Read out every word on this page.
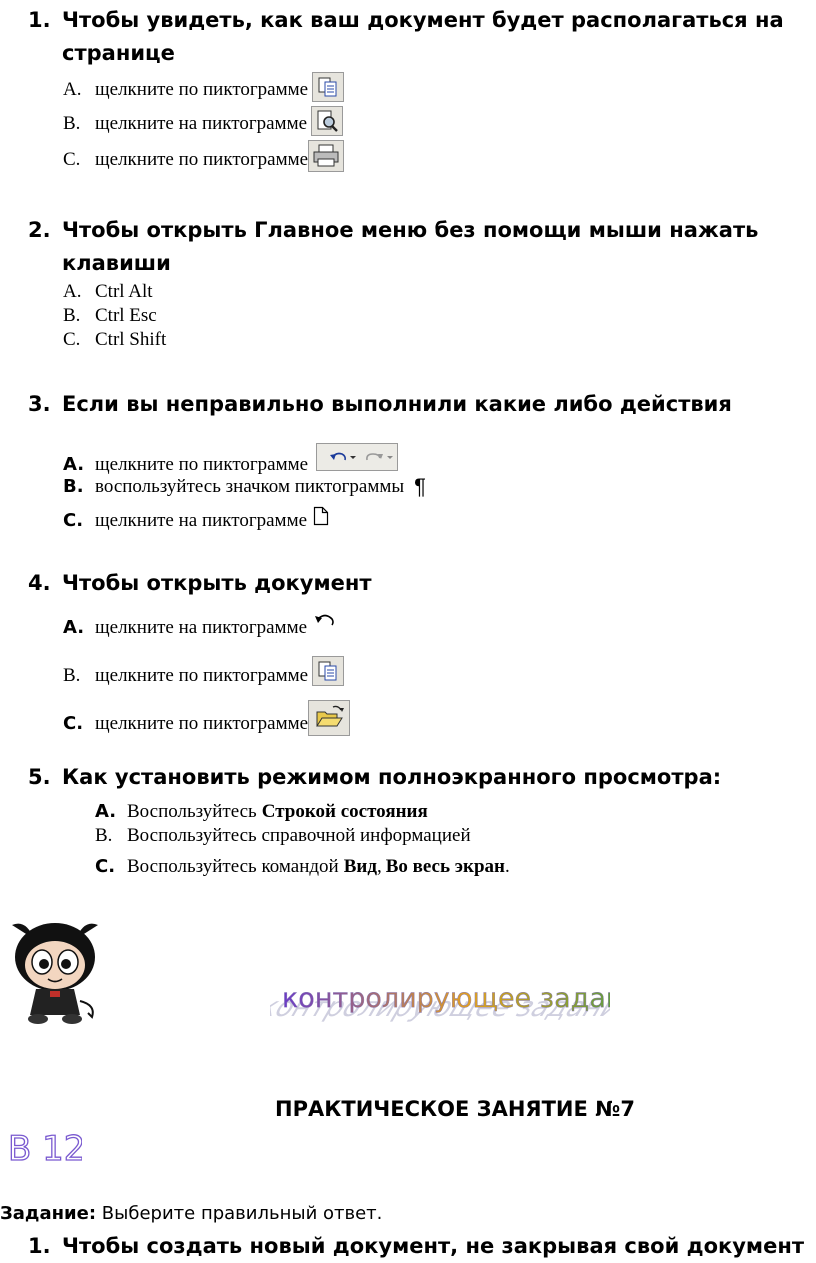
1. Чтобы увидеть, как ваш документ будет располагаться на странице
A. щелкните по пиктограмме
B. щелкните на пиктограмме
C. щелкните по пиктограмме
2. Чтобы открыть Главное меню без помощи мыши нажать клавиши
A. Ctrl Alt
B. Ctrl Esc
C. Ctrl Shift
3. Если вы неправильно выполнили какие либо действия
A. щелкните по пиктограмме
B. воспользуйтесь значком пиктограммы ¶
C. щелкните на пиктограмме
4. Чтобы открыть документ
A. щелкните на пиктограмме
B. щелкните по пиктограмме
C. щелкните по пиктограмме
5. Как установить режимом полноэкранного просмотра:
A. Воспользуйтесь Строкой состояния
B. Воспользуйтесь справочной информацией
C. Воспользуйтесь командой Вид , Во весь экран .
контролирующее задание
контролирующее зада
ПРАКТИЧЕСКОЕ ЗАНЯТИЕ №7
В 12
Задание: Выберите правильный ответ.
1. Чтобы создать новый документ, не закрывая свой документ
